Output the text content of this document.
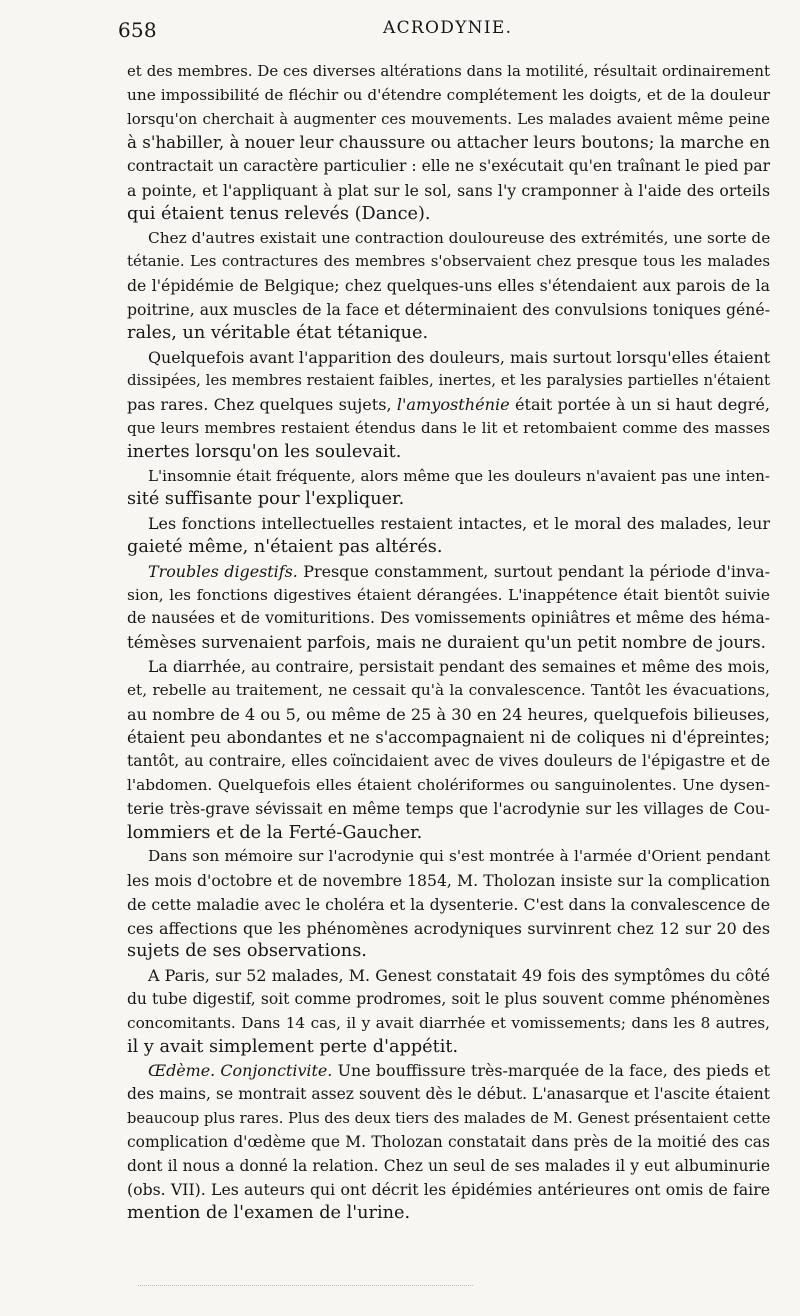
658	ACRODYNIE.
et des membres. De ces diverses altérations dans la motilité, résultait ordinairement
une impossibilité de fléchir ou d'étendre complétement les doigts, et de la douleur
lorsqu'on cherchait à augmenter ces mouvements. Les malades avaient même peine
à s'habiller, à nouer leur chaussure ou attacher leurs boutons; la marche en
contractait un caractère particulier : elle ne s'exécutait qu'en traînant le pied par
a pointe, et l'appliquant à plat sur le sol, sans l'y cramponner à l'aide des orteils
qui étaient tenus relevés (Dance).
Chez d'autres existait une contraction douloureuse des extrémités, une sorte de
tétanie. Les contractures des membres s'observaient chez presque tous les malades
de l'épidémie de Belgique; chez quelques-uns elles s'étendaient aux parois de la
poitrine, aux muscles de la face et déterminaient des convulsions toniques géné-
rales, un véritable état tétanique.
Quelquefois avant l'apparition des douleurs, mais surtout lorsqu'elles étaient
dissipées, les membres restaient faibles, inertes, et les paralysies partielles n'étaient
pas rares. Chez quelques sujets, l'amyosthénie était portée à un si haut degré,
que leurs membres restaient étendus dans le lit et retombaient comme des masses
inertes lorsqu'on les soulevait.
L'insomnie était fréquente, alors même que les douleurs n'avaient pas une inten-
sité suffisante pour l'expliquer.
Les fonctions intellectuelles restaient intactes, et le moral des malades, leur
gaieté même, n'étaient pas altérés.
Troubles digestifs. Presque constamment, surtout pendant la période d'inva-
sion, les fonctions digestives étaient dérangées. L'inappétence était bientôt suivie
de nausées et de vomituritions. Des vomissements opiniâtres et même des héma-
témèses survenaient parfois, mais ne duraient qu'un petit nombre de jours.
La diarrhée, au contraire, persistait pendant des semaines et même des mois,
et, rebelle au traitement, ne cessait qu'à la convalescence. Tantôt les évacuations,
au nombre de 4 ou 5, ou même de 25 à 30 en 24 heures, quelquefois bilieuses,
étaient peu abondantes et ne s'accompagnaient ni de coliques ni d'épreintes;
tantôt, au contraire, elles coïncidaient avec de vives douleurs de l'épigastre et de
l'abdomen. Quelquefois elles étaient cholériformes ou sanguinolentes. Une dysen-
terie très-grave sévissait en même temps que l'acrodynie sur les villages de Cou-
lommiers et de la Ferté-Gaucher.
Dans son mémoire sur l'acrodynie qui s'est montrée à l'armée d'Orient pendant
les mois d'octobre et de novembre 1854, M. Tholozan insiste sur la complication
de cette maladie avec le choléra et la dysenterie. C'est dans la convalescence de
ces affections que les phénomènes acrodyniques survinrent chez 12 sur 20 des
sujets de ses observations.
A Paris, sur 52 malades, M. Genest constatait 49 fois des symptômes du côté
du tube digestif, soit comme prodromes, soit le plus souvent comme phénomènes
concomitants. Dans 14 cas, il y avait diarrhée et vomissements; dans les 8 autres,
il y avait simplement perte d'appétit.
Œdème. Conjonctivite. Une bouffissure très-marquée de la face, des pieds et
des mains, se montrait assez souvent dès le début. L'anasarque et l'ascite étaient
beaucoup plus rares. Plus des deux tiers des malades de M. Genest présentaient cette
complication d'œdème que M. Tholozan constatait dans près de la moitié des cas
dont il nous a donné la relation. Chez un seul de ses malades il y eut albuminurie
(obs. VII). Les auteurs qui ont décrit les épidémies antérieures ont omis de faire
mention de l'examen de l'urine.
